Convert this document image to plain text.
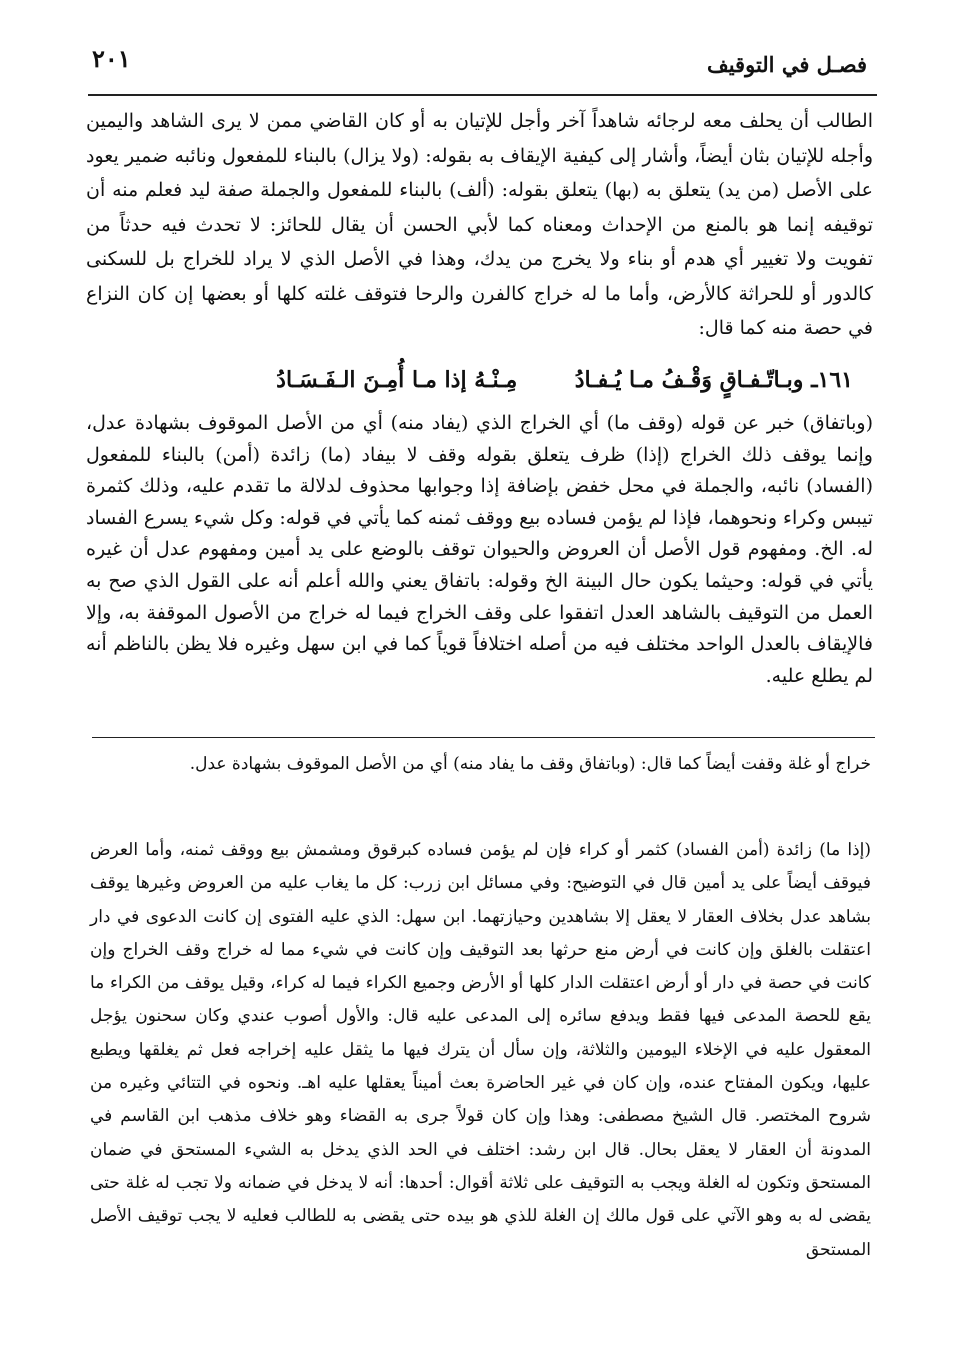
فصـل في التوقيف
٢٠١

الطالب أن يحلف معه لرجائه شاهداً آخر وأجل للإتيان به أو كان القاضي ممن لا يرى الشاهد واليمين وأجله للإتيان بثان أيضاً، وأشار إلى كيفية الإيقاف به بقوله: (ولا يزال) بالبناء للمفعول ونائبه ضمير يعود على الأصل (من يد) يتعلق به (بها) يتعلق بقوله: (ألف) بالبناء للمفعول والجملة صفة ليد فعلم منه أن توقيفه إنما هو بالمنع من الإحداث ومعناه كما لأبي الحسن أن يقال للحائز: لا تحدث فيه حدثاً من تفويت ولا تغيير أي هدم أو بناء ولا يخرج من يدك، وهذا في الأصل الذي لا يراد للخراج بل للسكنى كالدور أو للحراثة كالأرض، وأما ما له خراج كالفرن والرحا فتوقف غلته كلها أو بعضها إن كان النزاع في حصة منه كما قال:

١٦١ـ وبـاتّـفـاقٍ وَقْـفُ مـا يُـفـادُ  مِـنْـهُ إذا مـا أُمِـنَ الـفَـسَـادُ

(وباتفاق) خبر عن قوله (وقف ما) أي الخراج الذي (يفاد منه) أي من الأصل الموقوف بشهادة عدل، وإنما يوقف ذلك الخراج (إذا) ظرف يتعلق بقوله وقف لا بيفاد (ما) زائدة (أمن) بالبناء للمفعول (الفساد) نائبه، والجملة في محل خفض بإضافة إذا وجوابها محذوف لدلالة ما تقدم عليه، وذلك كثمرة تيبس وكراء ونحوهما، فإذا لم يؤمن فساده بيع ووقف ثمنه كما يأتي في قوله: وكل شيء يسرع الفساد له. الخ. ومفهوم قول الأصل أن العروض والحيوان توقف بالوضع على يد أمين ومفهوم عدل أن غيره يأتي في قوله: وحيثما يكون حال البينة الخ وقوله: باتفاق يعني والله أعلم أنه على القول الذي صح به العمل من التوقيف بالشاهد العدل اتفقوا على وقف الخراج فيما له خراج من الأصول الموقفة به، وإلا فالإيقاف بالعدل الواحد مختلف فيه من أصله اختلافاً قوياً كما في ابن سهل وغيره فلا يظن بالناظم أنه لم يطلع عليه.

خراج أو غلة وقفت أيضاً كما قال: (وباتفاق وقف ما يفاد منه) أي من الأصل الموقوف بشهادة عدل.

(إذا ما) زائدة (أمن الفساد) كثمر أو كراء فإن لم يؤمن فساده كبرقوق ومشمش بيع ووقف ثمنه، وأما العرض فيوقف أيضاً على يد أمين قال في التوضيح: وفي مسائل ابن زرب: كل ما يغاب عليه من العروض وغيرها يوقف بشاهد عدل بخلاف العقار لا يعقل إلا بشاهدين وحيازتهما. ابن سهل: الذي عليه الفتوى إن كانت الدعوى في دار اعتقلت بالغلق وإن كانت في أرض منع حرثها بعد التوقيف وإن كانت في شيء مما له خراج وقف الخراج وإن كانت في حصة في دار أو أرض اعتقلت الدار كلها أو الأرض وجميع الكراء فيما له كراء، وقيل يوقف من الكراء ما يقع للحصة المدعى فيها فقط ويدفع سائره إلى المدعى عليه قال: والأول أصوب عندي وكان سحنون يؤجل المعقول عليه في الإخلاء اليومين والثلاثة، وإن سأل أن يترك فيها ما يثقل عليه إخراجه فعل ثم يغلقها ويطبع عليها، ويكون المفتاح عنده، وإن كان في غير الحاضرة بعث أميناً يعقلها عليه اهـ. ونحوه في التتائي وغيره من شروح المختصر. قال الشيخ مصطفى: وهذا وإن كان قولاً جرى به القضاء وهو خلاف مذهب ابن القاسم في المدونة أن العقار لا يعقل بحال. قال ابن رشد: اختلف في الحد الذي يدخل به الشيء المستحق في ضمان المستحق وتكون له الغلة ويجب به التوقيف على ثلاثة أقوال: أحدها: أنه لا يدخل في ضمانه ولا تجب له غلة حتى يقضى له به وهو الآتي على قول مالك إن الغلة للذي هو بيده حتى يقضى به للطالب فعليه لا يجب توقيف الأصل المستحق
